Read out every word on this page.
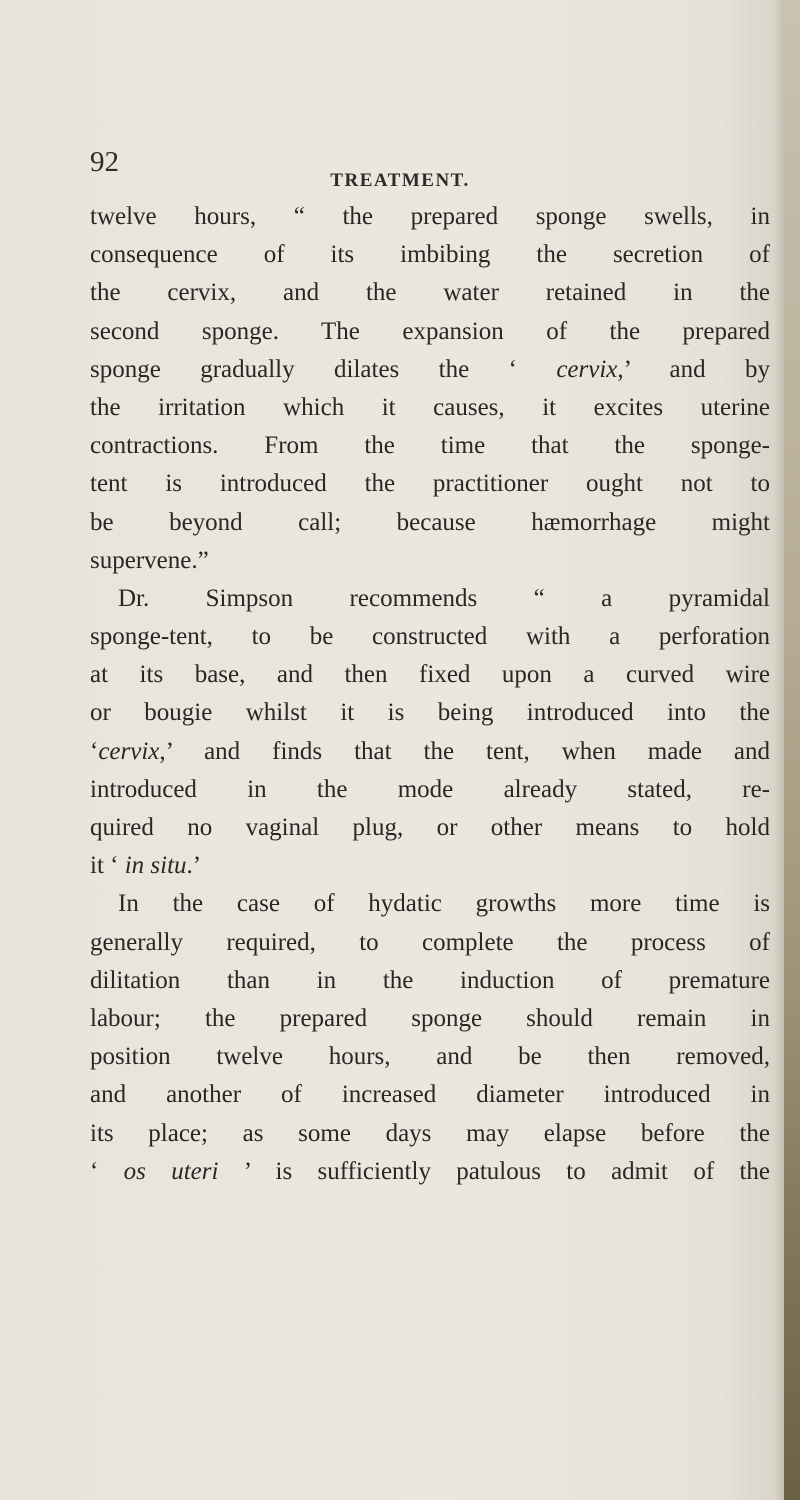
92
TREATMENT.
twelve hours, “ the prepared sponge swells, in
consequence of its imbibing the secretion of
the cervix, and the water retained in the
second sponge. The expansion of the prepared
sponge gradually dilates the ‘ cervix,’ and by
the irritation which it causes, it excites uterine
contractions. From the time that the sponge-
tent is introduced the practitioner ought not to
be beyond call; because hæmorrhage might
supervene.”
Dr. Simpson recommends “ a pyramidal
sponge-tent, to be constructed with a perforation
at its base, and then fixed upon a curved wire
or bougie whilst it is being introduced into the
‘cervix,’ and finds that the tent, when made and
introduced in the mode already stated, re-
quired no vaginal plug, or other means to hold
it ‘ in situ.’
In the case of hydatic growths more time is
generally required, to complete the process of
dilitation than in the induction of premature
labour; the prepared sponge should remain in
position twelve hours, and be then removed,
and another of increased diameter introduced in
its place; as some days may elapse before the
‘ os uteri ’ is sufficiently patulous to admit of the
